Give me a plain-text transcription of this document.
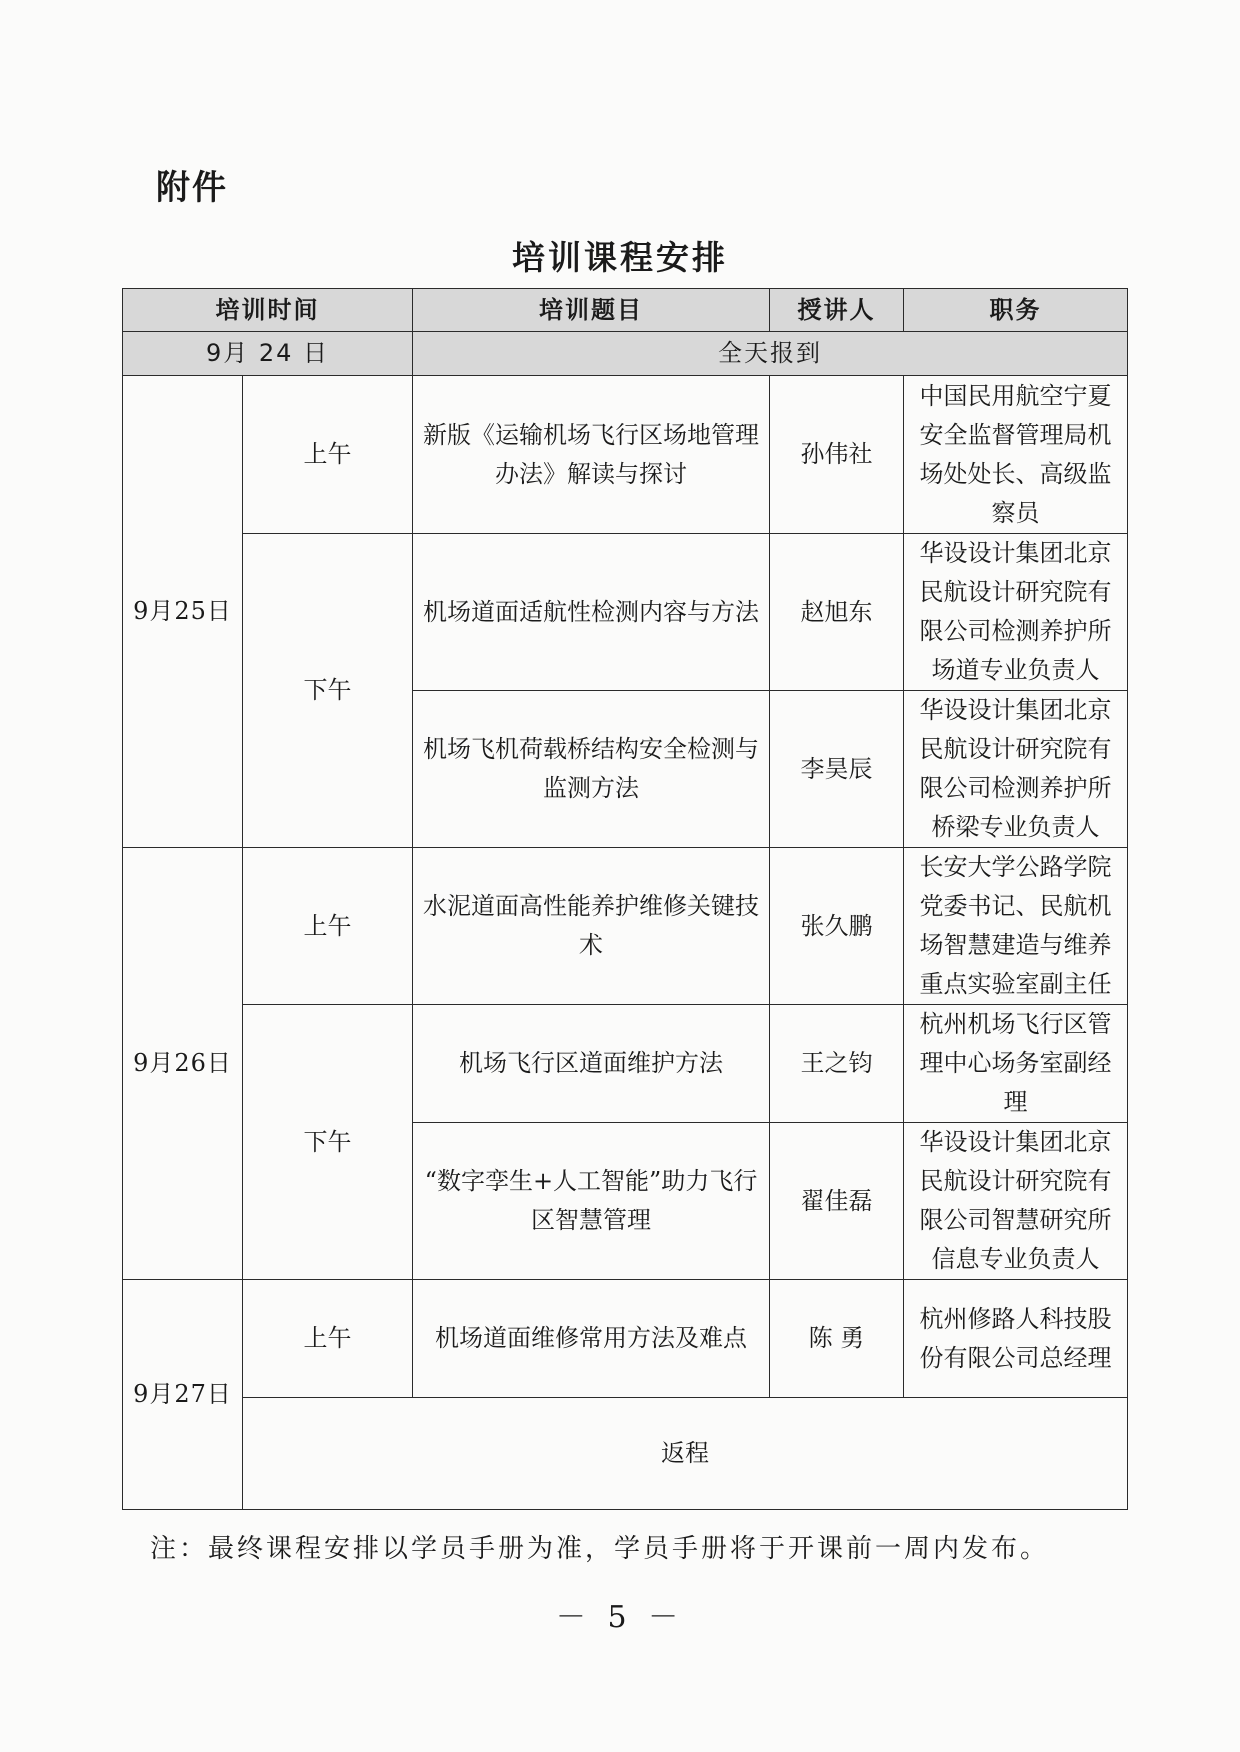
附件
培训课程安排
培训时间		培训题目	授讲人	职务
9月 24 日		全天报到		
9月25日	上午	新版《运输机场飞行区场地管理办法》解读与探讨	孙伟社	中国民用航空宁夏安全监督管理局机场处处长、高级监察员
	下午	机场道面适航性检测内容与方法	赵旭东	华设设计集团北京民航设计研究院有限公司检测养护所场道专业负责人
		机场飞机荷载桥结构安全检测与监测方法	李昊辰	华设设计集团北京民航设计研究院有限公司检测养护所桥梁专业负责人
9月26日	上午	水泥道面高性能养护维修关键技术	张久鹏	长安大学公路学院党委书记、民航机场智慧建造与维养重点实验室副主任
	下午	机场飞行区道面维护方法	王之钧	杭州机场飞行区管理中心场务室副经理
		“数字孪生+人工智能”助力飞行区智慧管理	翟佳磊	华设设计集团北京民航设计研究院有限公司智慧研究所信息专业负责人
9月27日	上午	机场道面维修常用方法及难点	陈 勇	杭州修路人科技股份有限公司总经理
	返程			
注：最终课程安排以学员手册为准，学员手册将于开课前一周内发布。
－ 5 －
